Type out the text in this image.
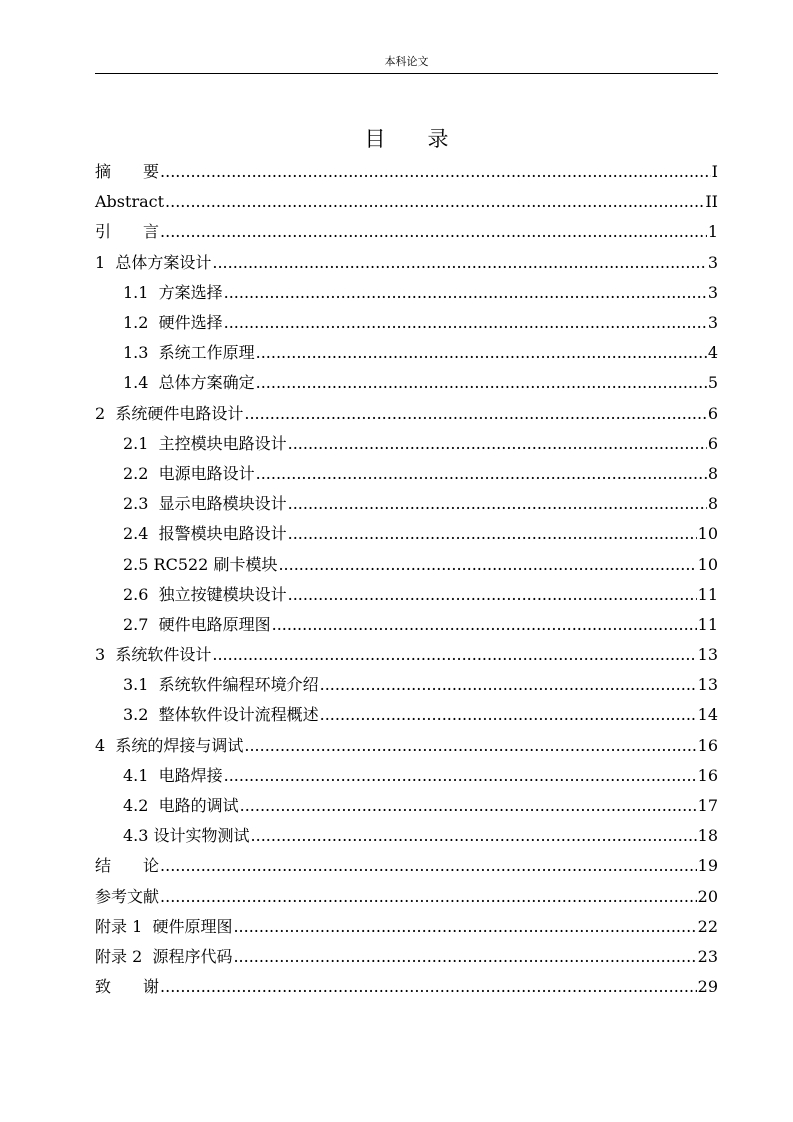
本科论文
目 录
摘　　要 .....	I
Abstract .....	II
引　　言 .....	1
1  总体方案设计 .....	3
1.1  方案选择 .....	3
1.2  硬件选择 .....	3
1.3  系统工作原理 .....	4
1.4  总体方案确定 .....	5
2  系统硬件电路设计 .....	6
2.1  主控模块电路设计 .....	6
2.2  电源电路设计 .....	8
2.3  显示电路模块设计 .....	8
2.4  报警模块电路设计 .....	10
2.5 RC522 刷卡模块 .....	10
2.6  独立按键模块设计 .....	11
2.7  硬件电路原理图 .....	11
3  系统软件设计 .....	13
3.1  系统软件编程环境介绍 .....	13
3.2  整体软件设计流程概述 .....	14
4  系统的焊接与调试 .....	16
4.1  电路焊接 .....	16
4.2  电路的调试 .....	17
4.3 设计实物测试 .....	18
结　　论 .....	19
参考文献 .....	20
附录 1  硬件原理图 .....	22
附录 2  源程序代码 .....	23
致　　谢 .....	29
